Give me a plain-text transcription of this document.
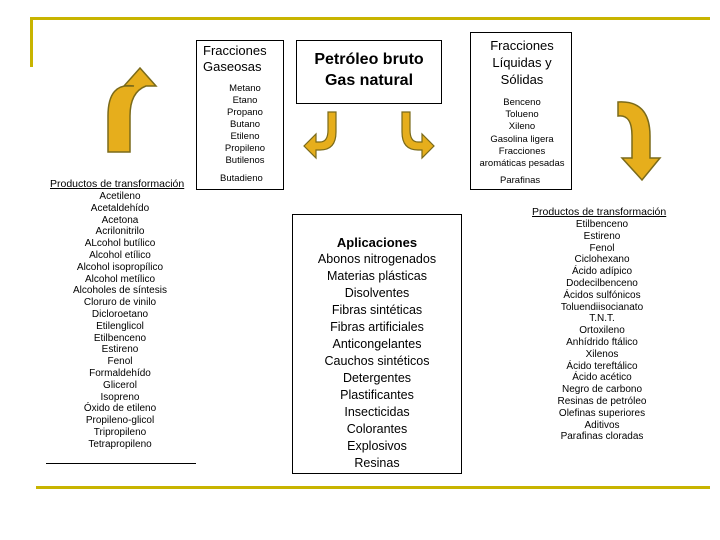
Fracciones
Gaseosas
Metano
Etano
Propano
Butano
Etileno
Propileno
Butilenos
Butadieno
Petróleo bruto
Gas natural
Fracciones
Líquidas y
Sólidas
Benceno
Tolueno
Xileno
Gasolina ligera
Fracciones
aromáticas pesadas
Parafinas
Productos de transformación
Acetileno
Acetaldehído
Acetona
Acrilonitrilo
ALcohol butílico
Alcohol etílico
Alcohol isopropílico
Alcohol metílico
Alcoholes de síntesis
Cloruro de vinilo
Dicloroetano
Etilenglicol
Etilbenceno
Estireno
Fenol
Formaldehído
Glicerol
Isopreno
Óxido de etileno
Propileno-glicol
Tripropileno
Tetrapropileno
Aplicaciones
Abonos nitrogenados
Materias plásticas
Disolventes
Fibras sintéticas
Fibras artificiales
Anticongelantes
Cauchos sintéticos
Detergentes
Plastificantes
Insecticidas
Colorantes
Explosivos
Resinas
Productos de transformación
Etilbenceno
Estireno
Fenol
Ciclohexano
Ácido adípico
Dodecilbenceno
Ácidos sulfónicos
Toluendiisocianato
T.N.T.
Ortoxileno
Anhídrido ftálico
Xilenos
Ácido tereftálico
Ácido acético
Negro de carbono
Resinas de petróleo
Olefinas superiores
Aditivos
Parafinas cloradas
